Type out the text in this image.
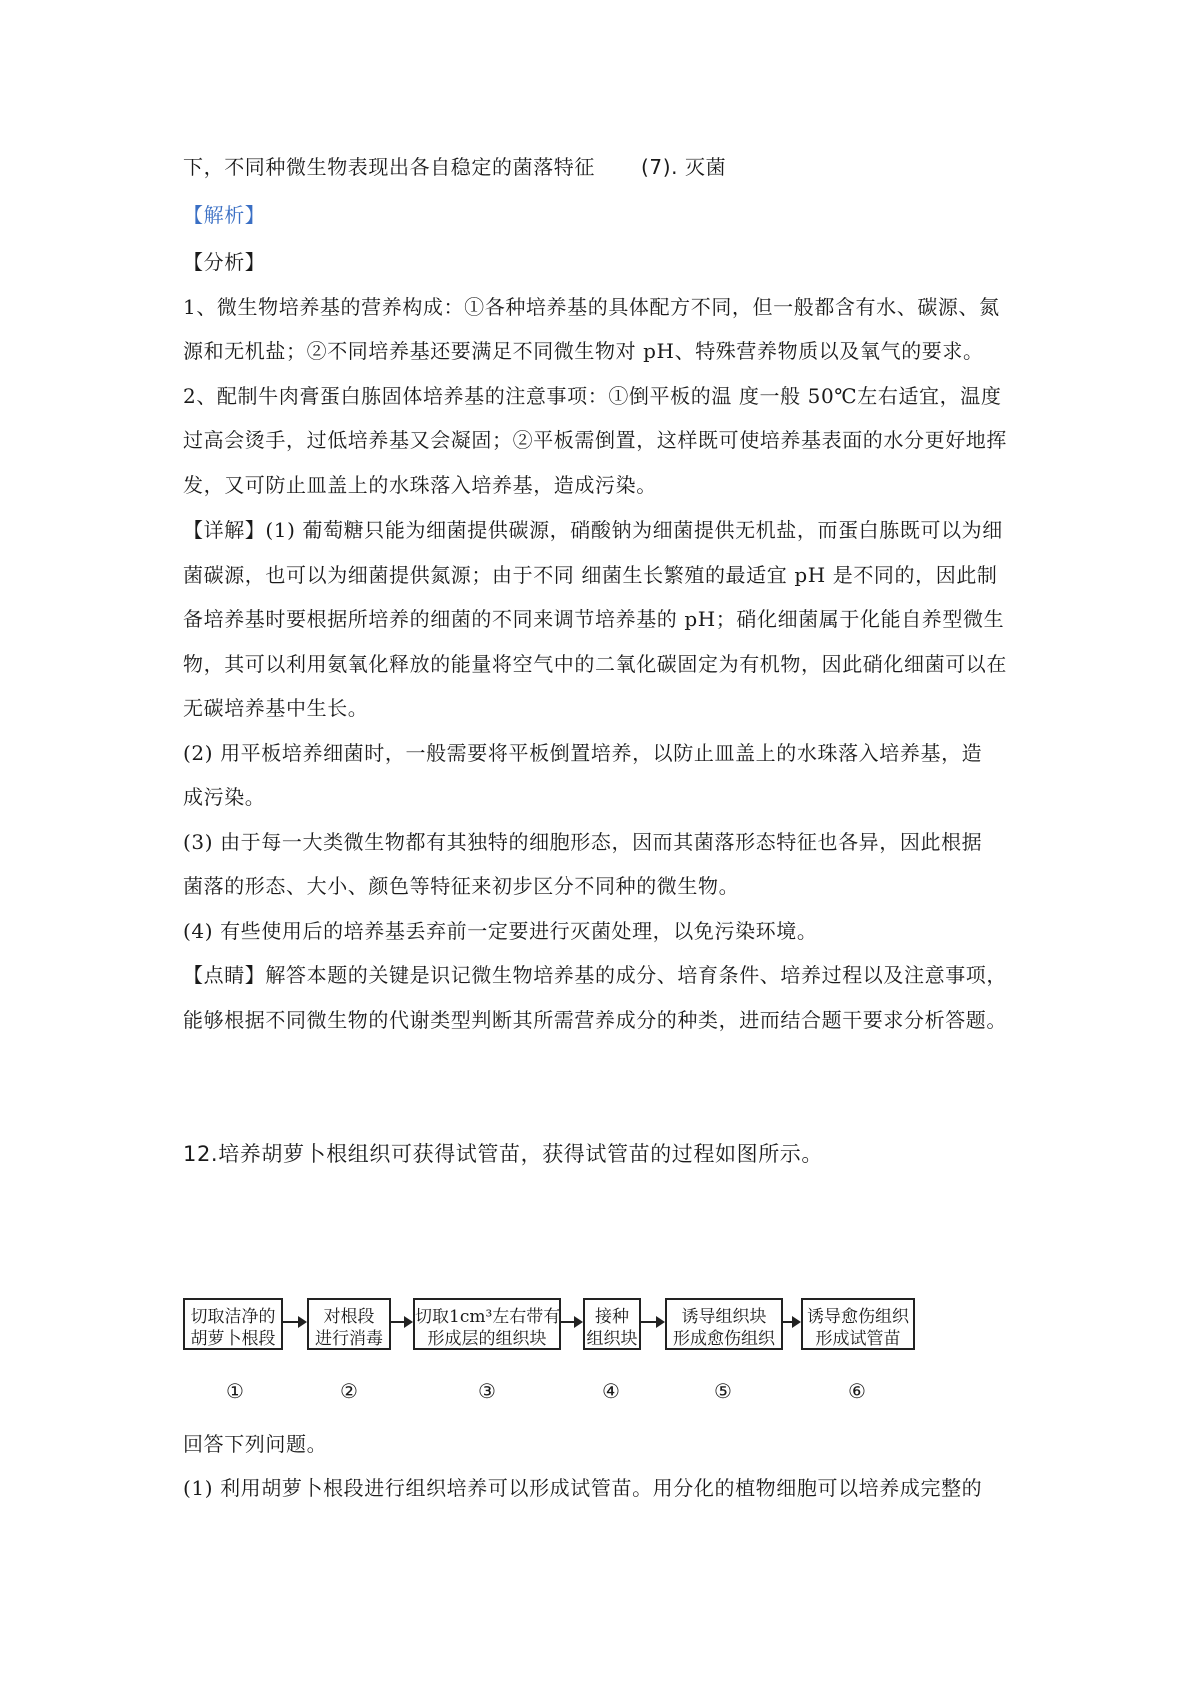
下，不同种微生物表现出各自稳定的菌落特征 (7). 灭菌
【解析】
【分析】
1、微生物培养基的营养构成：①各种培养基的具体配方不同，但一般都含有水、碳源、氮
源和无机盐；②不同培养基还要满足不同微生物对 pH、特殊营养物质以及氧气的要求。
2、配制牛肉膏蛋白胨固体培养基的注意事项：①倒平板的温 度一般 50℃左右适宜，温度
过高会烫手，过低培养基又会凝固；②平板需倒置，这样既可使培养基表面的水分更好地挥
发，又可防止皿盖上的水珠落入培养基，造成污染。
【详解】(1) 葡萄糖只能为细菌提供碳源，硝酸钠为细菌提供无机盐，而蛋白胨既可以为细
菌碳源，也可以为细菌提供氮源；由于不同 细菌生长繁殖的最适宜 pH 是不同的，因此制
备培养基时要根据所培养的细菌的不同来调节培养基的 pH；硝化细菌属于化能自养型微生
物，其可以利用氨氧化释放的能量将空气中的二氧化碳固定为有机物，因此硝化细菌可以在
无碳培养基中生长。
(2) 用平板培养细菌时，一般需要将平板倒置培养，以防止皿盖上的水珠落入培养基，造
成污染。
(3) 由于每一大类微生物都有其独特的细胞形态，因而其菌落形态特征也各异，因此根据
菌落的形态、大小、颜色等特征来初步区分不同种的微生物。
(4) 有些使用后的培养基丢弃前一定要进行灭菌处理，以免污染环境。
【点睛】解答本题的关键是识记微生物培养基的成分、培育条件、培养过程以及注意事项，
能够根据不同微生物的代谢类型判断其所需营养成分的种类，进而结合题干要求分析答题。
12.培养胡萝卜根组织可获得试管苗，获得试管苗的过程如图所示。
切取洁净的
胡萝卜根段
对根段
进行消毒
切取1cm³左右带有
形成层的组织块
接种
组织块
诱导组织块
形成愈伤组织
诱导愈伤组织
形成试管苗
①	②	③	④	⑤	⑥
回答下列问题。
(1) 利用胡萝卜根段进行组织培养可以形成试管苗。用分化的植物细胞可以培养成完整的
